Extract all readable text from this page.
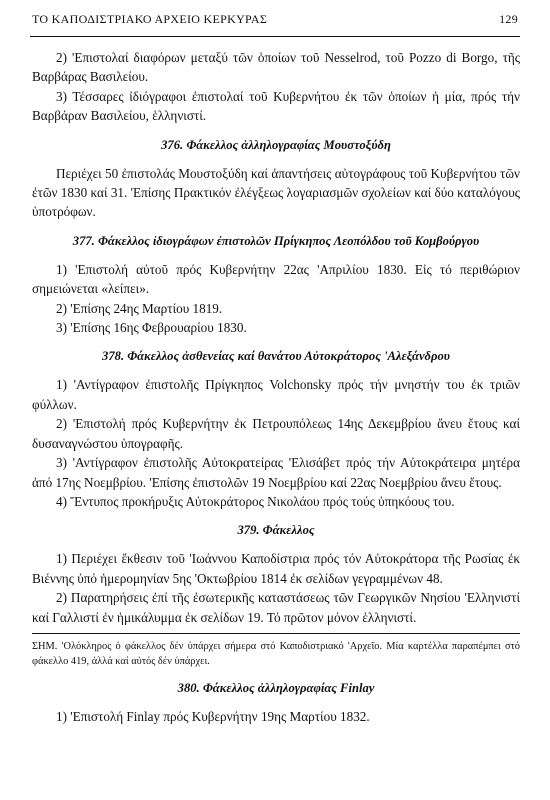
ΤΟ ΚΑΠΟΔΙΣΤΡΙΑΚΟ ΑΡΧΕΙΟ ΚΕΡΚΥΡΑΣ	129

2) 'Επιστολαί διαφόρων μεταξύ τῶν ὁποίων τοῦ Nesselrod, τοῦ Pozzo di Borgo, τῆς Βαρβάρας Βασιλείου.

3) Τέσσαρες ἰδιόγραφοι ἐπιστολαί τοῦ Κυβερνήτου ἐκ τῶν ὁποίων ἡ μία, πρός τήν Βαρβάραν Βασιλείου, ἑλληνιστί.

376. Φάκελλος ἀλληλογραφίας Μουστοξύδη

Περιέχει 50 ἐπιστολάς Μουστοξύδη καί ἀπαντήσεις αὐτογράφους τοῦ Κυβερνήτου τῶν ἐτῶν 1830 καί 31. 'Επίσης Πρακτικόν ἐλέγξεως λογαριασμῶν σχολείων καί δύο καταλόγους ὑποτρόφων.

377. Φάκελλος ἰδιογράφων ἐπιστολῶν Πρίγκηπος Λεοπόλδου τοῦ Κομβούργου

1) 'Επιστολή αὐτοῦ πρός Κυβερνήτην 22ας 'Απριλίου 1830. Εἰς τό περιθώριον σημειώνεται «λείπει».

2) 'Επίσης 24ης Μαρτίου 1819.

3) 'Επίσης 16ης Φεβρουαρίου 1830.

378. Φάκελλος ἀσθενείας καί θανάτου Αὐτοκράτορος 'Αλεξάνδρου

1) 'Αντίγραφον ἐπιστολῆς Πρίγκηπος Volchonsky πρός τήν μνηστήν του ἐκ τριῶν φύλλων.

2) 'Επιστολή πρός Κυβερνήτην ἐκ Πετρουπόλεως 14ης Δεκεμβρίου ἄνευ ἔτους καί δυσαναγνώστου ὑπογραφῆς.

3) 'Αντίγραφον ἐπιστολῆς Αὐτοκρατείρας 'Ελισάβετ πρός τήν Αὐτοκράτειρα μητέρα ἀπό 17ης Νοεμβρίου. 'Επίσης ἐπιστολῶν 19 Νοεμβρίου καί 22ας Νοεμβρίου ἄνευ ἔτους.

4) Ἔντυπος προκήρυξις Αὐτοκράτορος Νικολάου πρός τούς ὑπηκόους του.

379. Φάκελλος

1) Περιέχει ἔκθεσιν τοῦ 'Ιωάννου Καποδίστρια πρός τόν Αὐτοκράτορα τῆς Ρωσίας ἐκ Βιέννης ὑπό ἡμερομηνίαν 5ης 'Οκτωβρίου 1814 ἐκ σελίδων γεγραμμένων 48.

2) Παρατηρήσεις ἐπί τῆς ἐσωτερικῆς καταστάσεως τῶν Γεωργικῶν Νησίου 'Ελληνιστί καί Γαλλιστί ἐν ἡμικάλυμμα ἐκ σελίδων 19. Τό πρῶτον μόνον ἑλληνιστί.

ΣΗΜ. 'Ολόκληρος ὁ φάκελλος δέν ὑπάρχει σήμερα στό Καποδιστριακό 'Αρχεῖο. Μία καρτέλλα παραπέμπει στό φάκελλο 419, ἀλλά καί αὐτός δέν ὑπάρχει.

380. Φάκελλος ἀλληλογραφίας Finlay

1) 'Επιστολή Finlay πρός Κυβερνήτην 19ης Μαρτίου 1832.
